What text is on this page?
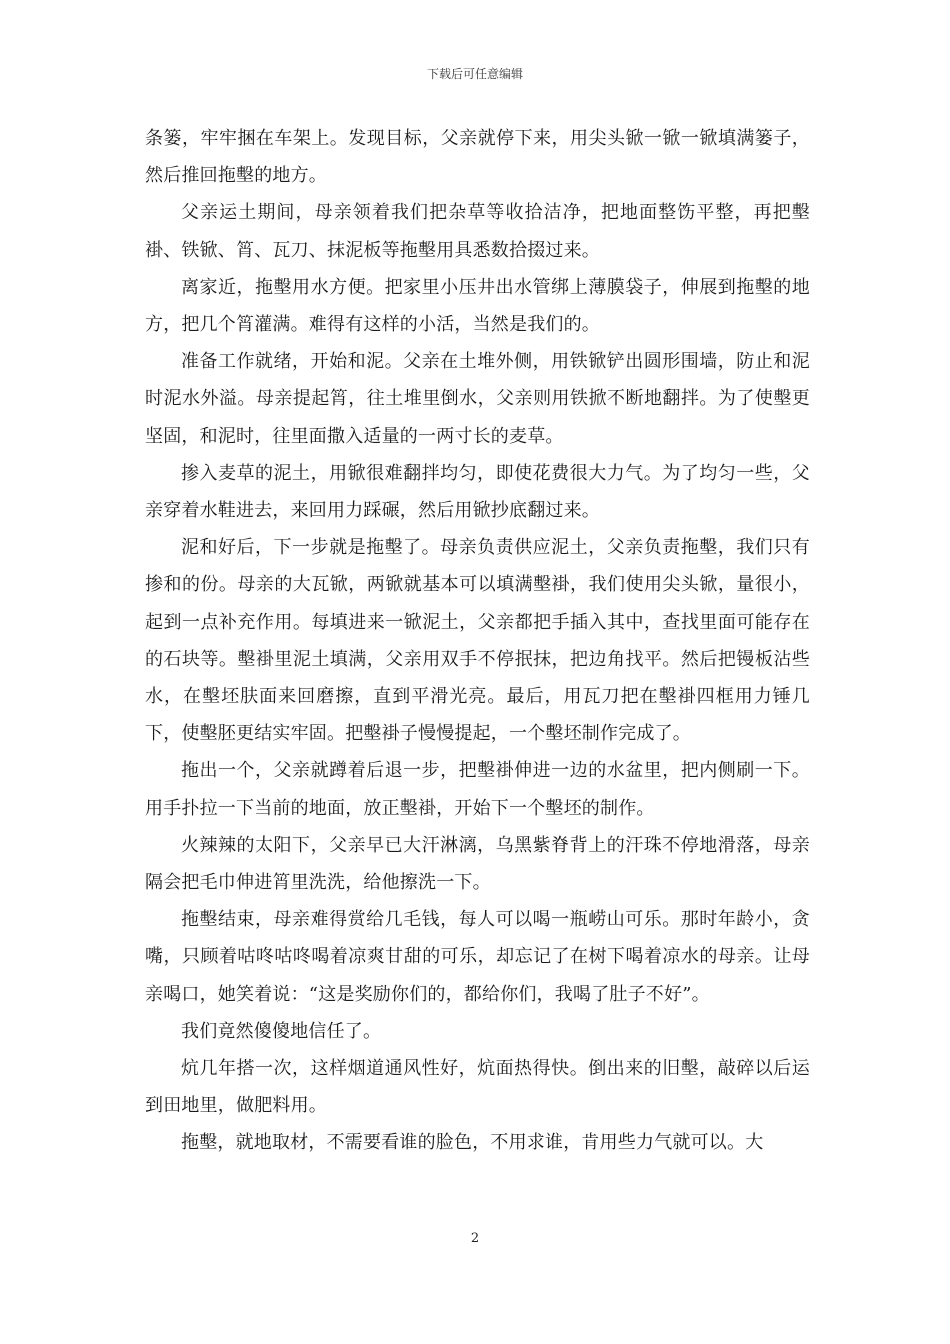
下载后可任意编辑

条篓，牢牢捆在车架上。发现目标，父亲就停下来，用尖头锨一锨一锨填满篓子，然后推回拖墼的地方。

父亲运土期间，母亲领着我们把杂草等收拾洁净，把地面整饬平整，再把墼褂、铁锨、筲、瓦刀、抹泥板等拖墼用具悉数拾掇过来。

离家近，拖墼用水方便。把家里小压井出水管绑上薄膜袋子，伸展到拖墼的地方，把几个筲灌满。难得有这样的小活，当然是我们的。

准备工作就绪，开始和泥。父亲在土堆外侧，用铁锨铲出圆形围墙，防止和泥时泥水外溢。母亲提起筲，往土堆里倒水，父亲则用铁掀不断地翻拌。为了使墼更坚固，和泥时，往里面撒入适量的一两寸长的麦草。

掺入麦草的泥土，用锨很难翻拌均匀，即使花费很大力气。为了均匀一些，父亲穿着水鞋进去，来回用力踩碾，然后用锨抄底翻过来。

泥和好后，下一步就是拖墼了。母亲负责供应泥土，父亲负责拖墼，我们只有掺和的份。母亲的大瓦锨，两锨就基本可以填满墼褂，我们使用尖头锨，量很小，起到一点补充作用。每填进来一锨泥土，父亲都把手插入其中，查找里面可能存在的石块等。墼褂里泥土填满，父亲用双手不停抿抹，把边角找平。然后把镘板沾些水，在墼坯肤面来回磨擦，直到平滑光亮。最后，用瓦刀把在墼褂四框用力锤几下，使墼胚更结实牢固。把墼褂子慢慢提起，一个墼坯制作完成了。

拖出一个，父亲就蹲着后退一步，把墼褂伸进一边的水盆里，把内侧刷一下。用手扑拉一下当前的地面，放正墼褂，开始下一个墼坯的制作。

火辣辣的太阳下，父亲早已大汗淋漓，乌黑紫脊背上的汗珠不停地滑落，母亲隔会把毛巾伸进筲里洗洗，给他擦洗一下。

拖墼结束，母亲难得赏给几毛钱，每人可以喝一瓶崂山可乐。那时年龄小，贪嘴，只顾着咕咚咕咚喝着凉爽甘甜的可乐，却忘记了在树下喝着凉水的母亲。让母亲喝口，她笑着说：“这是奖励你们的，都给你们，我喝了肚子不好”。

我们竟然傻傻地信任了。

炕几年搭一次，这样烟道通风性好，炕面热得快。倒出来的旧墼，敲碎以后运到田地里，做肥料用。

拖墼，就地取材，不需要看谁的脸色，不用求谁，肯用些力气就可以。大

2
